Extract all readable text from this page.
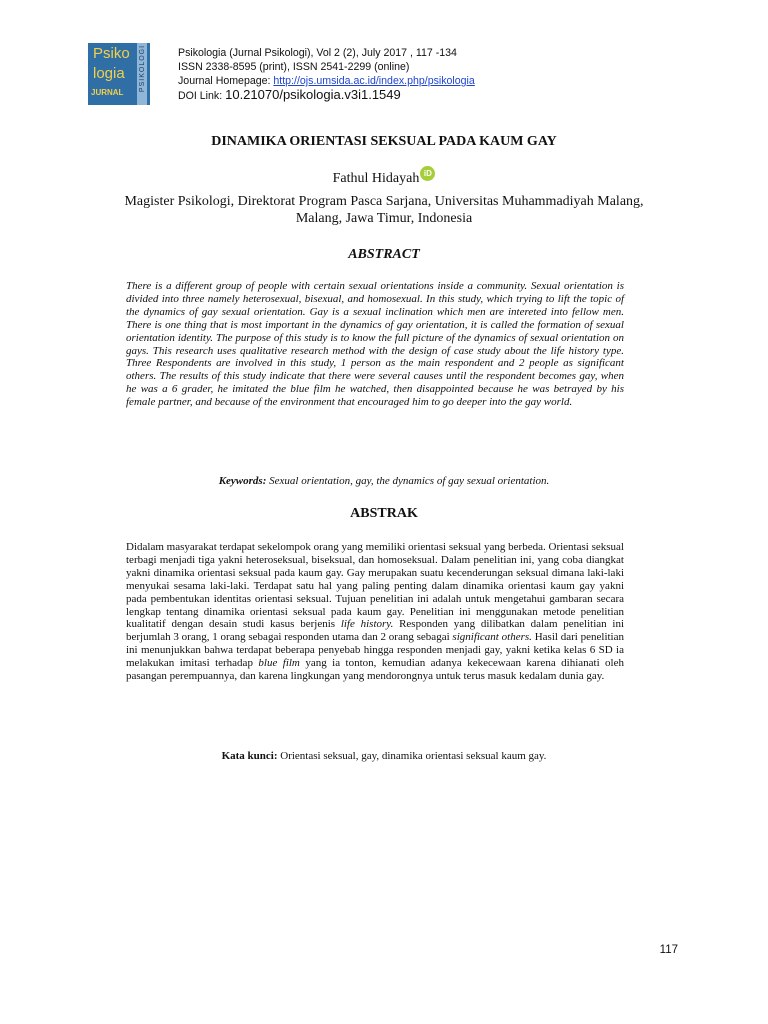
Psiko
logia
JURNAL
PSIKOLOGI	Psikologia (Jurnal Psikologi), Vol 2 (2), July 2017 , 117 -134
ISSN 2338-8595 (print), ISSN 2541-2299 (online)
Journal Homepage: http://ojs.umsida.ac.id/index.php/psikologia
DOI Link: 10.21070/psikologia.v3i1.1549
DINAMIKA ORIENTASI SEKSUAL PADA KAUM GAY
Fathul Hidayah iD
Magister Psikologi, Direktorat Program Pasca Sarjana, Universitas Muhammadiyah Malang, Malang, Jawa Timur, Indonesia
ABSTRACT

There is a different group of people with certain sexual orientations inside a community. Sexual orientation is divided into three namely heterosexual, bisexual, and homosexual. In this study, which trying to lift the topic of the dynamics of gay sexual orientation. Gay is a sexual inclination which men are intereted into fellow men. There is one thing that is most important in the dynamics of gay orientation, it is called the formation of sexual orientation identity. The purpose of this study is to know the full picture of the dynamics of sexual orientation on gays. This research uses qualitative research method with the design of case study about the life history type. Three Respondents are involved in this study, 1 person as the main respondent and 2 people as significant others. The results of this study indicate that there were several causes until the respondent becomes gay, when he was a 6 grader, he imitated the blue film he watched, then disappointed because he was betrayed by his female partner, and because of the environment that encouraged him to go deeper into the gay world.

Keywords: Sexual orientation, gay, the dynamics of gay sexual orientation.
ABSTRAK

Didalam masyarakat terdapat sekelompok orang yang memiliki orientasi seksual yang berbeda. Orientasi seksual terbagi menjadi tiga yakni heteroseksual, biseksual, dan homoseksual. Dalam penelitian ini, yang coba diangkat yakni dinamika orientasi seksual pada kaum gay. Gay merupakan suatu kecenderungan seksual dimana laki-laki menyukai sesama laki-laki. Terdapat satu hal yang paling penting dalam dinamika orientasi kaum gay yakni pada pembentukan identitas orientasi seksual. Tujuan penelitian ini adalah untuk mengetahui gambaran secara lengkap tentang dinamika orientasi seksual pada kaum gay. Penelitian ini menggunakan metode penelitian kualitatif dengan desain studi kasus berjenis life history. Responden yang dilibatkan dalam penelitian ini berjumlah 3 orang, 1 orang sebagai responden utama dan 2 orang sebagai significant others. Hasil dari penelitian ini menunjukkan bahwa terdapat beberapa penyebab hingga responden menjadi gay, yakni ketika kelas 6 SD ia melakukan imitasi terhadap blue film yang ia tonton, kemudian adanya kekecewaan karena dihianati oleh pasangan perempuannya, dan karena lingkungan yang mendorongnya untuk terus masuk kedalam dunia gay.

Kata kunci: Orientasi seksual, gay, dinamika orientasi seksual kaum gay.
117
